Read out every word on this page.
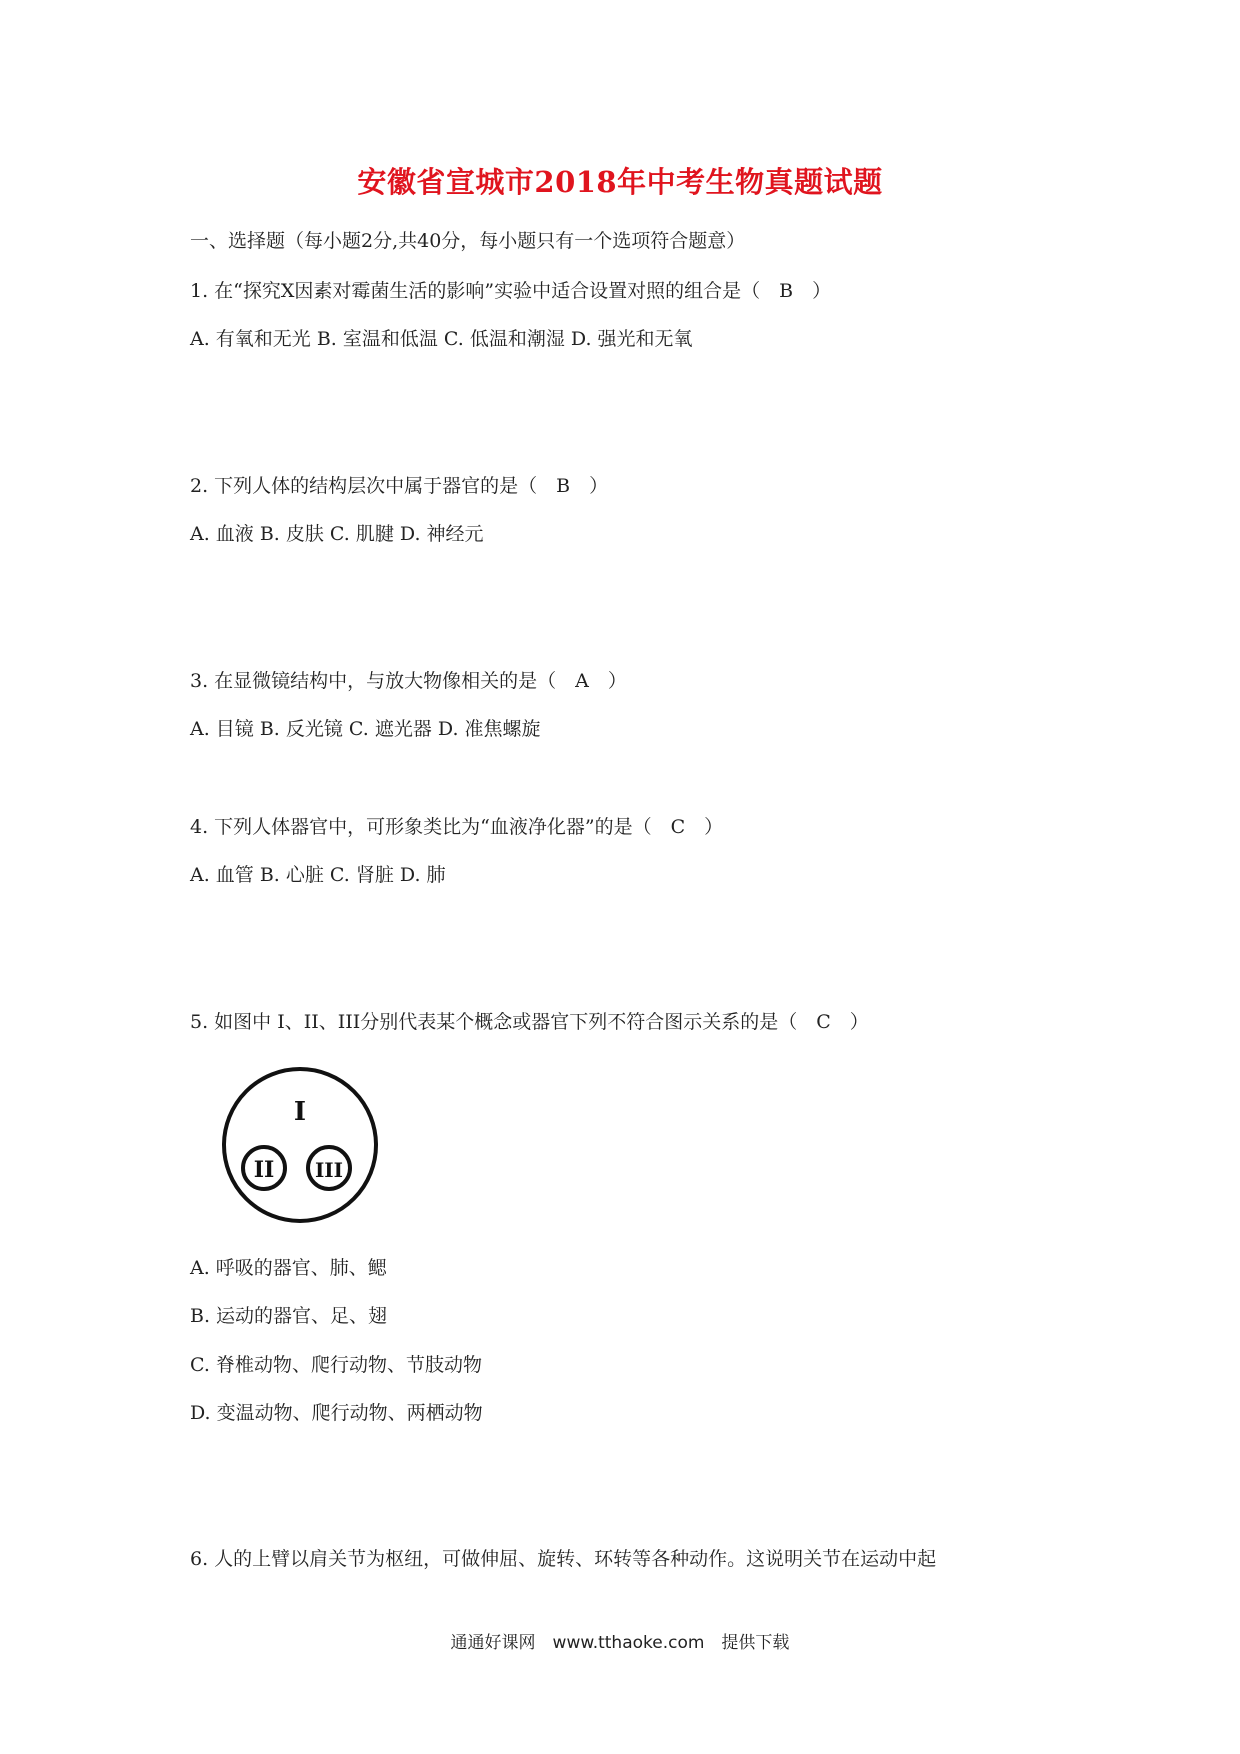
安徽省宣城市2018年中考生物真题试题
一、选择题（每小题2分,共40分，每小题只有一个选项符合题意）
1. 在“探究X因素对霉菌生活的影响”实验中适合设置对照的组合是（　B　）
A. 有氧和无光 B. 室温和低温 C. 低温和潮湿 D. 强光和无氧
2. 下列人体的结构层次中属于器官的是（　B　）
A. 血液 B. 皮肤 C. 肌腱 D. 神经元
3. 在显微镜结构中，与放大物像相关的是（　A　）
A. 目镜 B. 反光镜 C. 遮光器 D. 准焦螺旋
4. 下列人体器官中，可形象类比为“血液净化器”的是（　C　）
A. 血管 B. 心脏 C. 肾脏 D. 肺
5. 如图中 I、II、III分别代表某个概念或器官下列不符合图示关系的是（　C　）
I
II III
A. 呼吸的器官、肺、鳃
B. 运动的器官、足、翅
C. 脊椎动物、爬行动物、节肢动物
D. 变温动物、爬行动物、两栖动物
6. 人的上臂以肩关节为枢纽，可做伸屈、旋转、环转等各种动作。这说明关节在运动中起
通通好课网　www.tthaoke.com　提供下载
